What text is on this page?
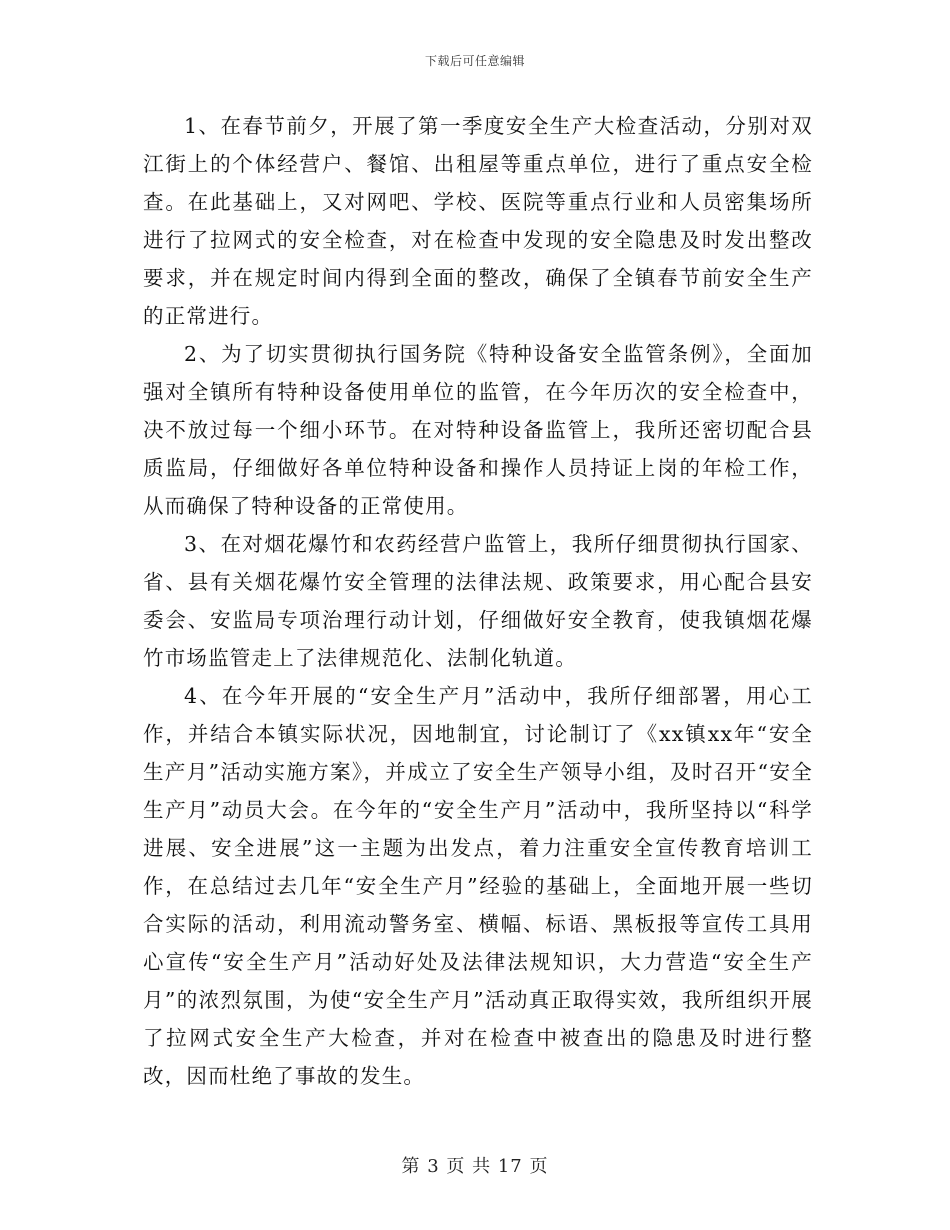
下载后可任意编辑

1、在春节前夕，开展了第一季度安全生产大检查活动，分别对双江街上的个体经营户、餐馆、出租屋等重点单位，进行了重点安全检查。在此基础上，又对网吧、学校、医院等重点行业和人员密集场所进行了拉网式的安全检查，对在检查中发现的安全隐患及时发出整改要求，并在规定时间内得到全面的整改，确保了全镇春节前安全生产的正常进行。

2、为了切实贯彻执行国务院《特种设备安全监管条例》，全面加强对全镇所有特种设备使用单位的监管，在今年历次的安全检查中，决不放过每一个细小环节。在对特种设备监管上，我所还密切配合县质监局，仔细做好各单位特种设备和操作人员持证上岗的年检工作，从而确保了特种设备的正常使用。

3、在对烟花爆竹和农药经营户监管上，我所仔细贯彻执行国家、省、县有关烟花爆竹安全管理的法律法规、政策要求，用心配合县安委会、安监局专项治理行动计划，仔细做好安全教育，使我镇烟花爆竹市场监管走上了法律规范化、法制化轨道。

4、在今年开展的“安全生产月”活动中，我所仔细部署，用心工作，并结合本镇实际状况，因地制宜，讨论制订了《xx镇xx年“安全生产月”活动实施方案》，并成立了安全生产领导小组，及时召开“安全生产月”动员大会。在今年的“安全生产月”活动中，我所坚持以“科学进展、安全进展”这一主题为出发点，着力注重安全宣传教育培训工作，在总结过去几年“安全生产月”经验的基础上，全面地开展一些切合实际的活动，利用流动警务室、横幅、标语、黑板报等宣传工具用心宣传“安全生产月”活动好处及法律法规知识，大力营造“安全生产月”的浓烈氛围，为使“安全生产月”活动真正取得实效，我所组织开展了拉网式安全生产大检查，并对在检查中被查出的隐患及时进行整改，因而杜绝了事故的发生。

第 3 页 共 17 页
